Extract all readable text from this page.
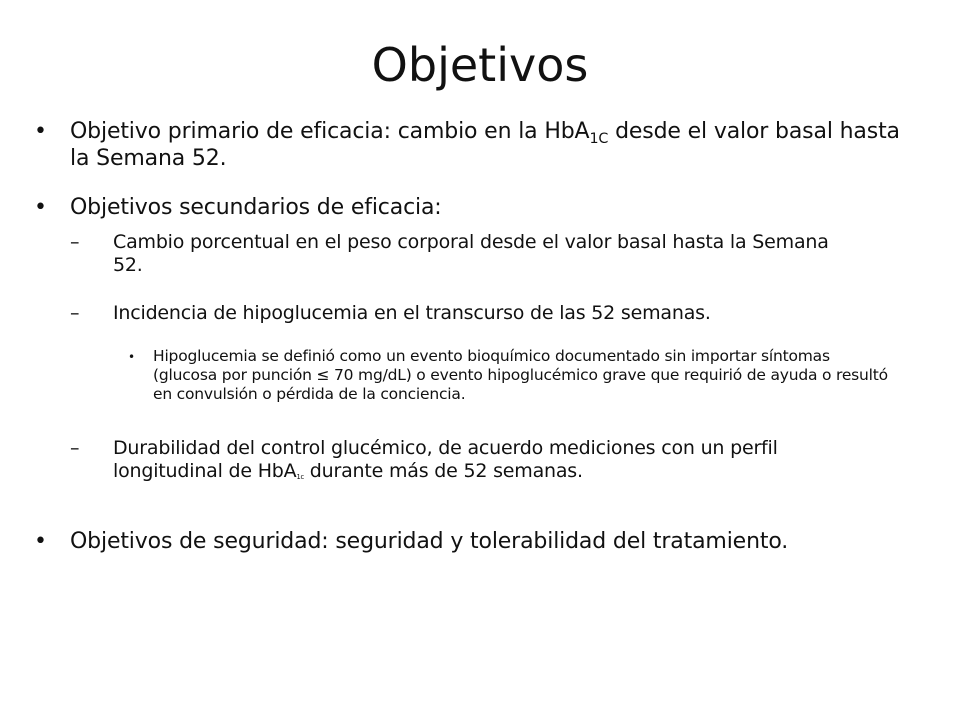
Objetivos
• Objetivo primario de eficacia: cambio en la HbA$_{1C}$ desde el valor basal hasta la Semana 52.
• Objetivos secundarios de eficacia:
– Cambio porcentual en el peso corporal desde el valor basal hasta la Semana 52.
– Incidencia de hipoglucemia en el transcurso de las 52 semanas.
• Hipoglucemia se definió como un evento bioquímico documentado sin importar síntomas (glucosa por punción ≤ 70 mg/dL) o evento hipoglucémico grave que requirió de ayuda o resultó en convulsión o pérdida de la conciencia.
– Durabilidad del control glucémico, de acuerdo mediciones con un perfil longitudinal de HbA$_{1c}$ durante más de 52 semanas.
• Objetivos de seguridad: seguridad y tolerabilidad del tratamiento.
